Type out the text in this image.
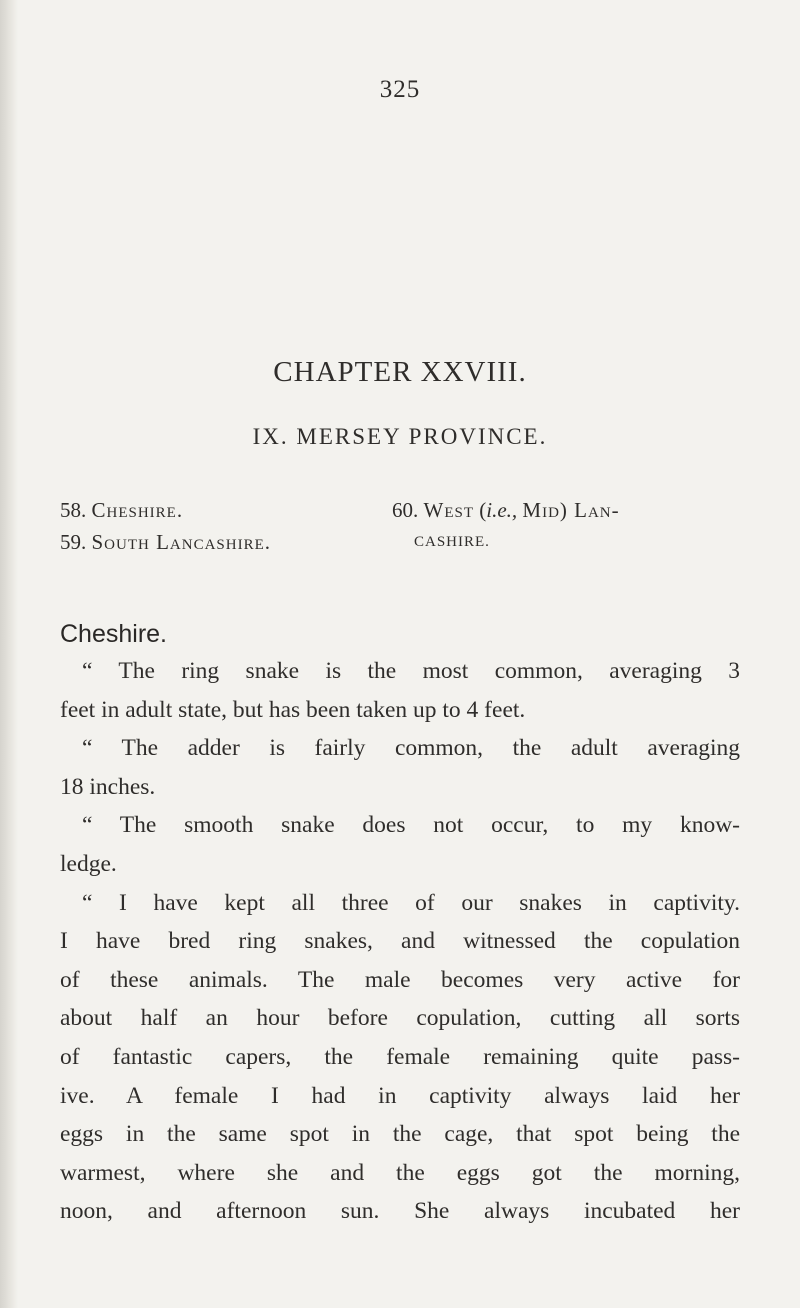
325
CHAPTER XXVIII.
IX. MERSEY PROVINCE.
58. Cheshire.
59. South Lancashire.
60. West (i.e., Mid) Lan-
CASHIRE.
Cheshire.
“ The ring snake is the most common, averaging 3
feet in adult state, but has been taken up to 4 feet.
“ The adder is fairly common, the adult averaging
18 inches.
“ The smooth snake does not occur, to my know-
ledge.
“ I have kept all three of our snakes in captivity.
I have bred ring snakes, and witnessed the copulation
of these animals. The male becomes very active for
about half an hour before copulation, cutting all sorts
of fantastic capers, the female remaining quite pass-
ive. A female I had in captivity always laid her
eggs in the same spot in the cage, that spot being the
warmest, where she and the eggs got the morning,
noon, and afternoon sun. She always incubated her
